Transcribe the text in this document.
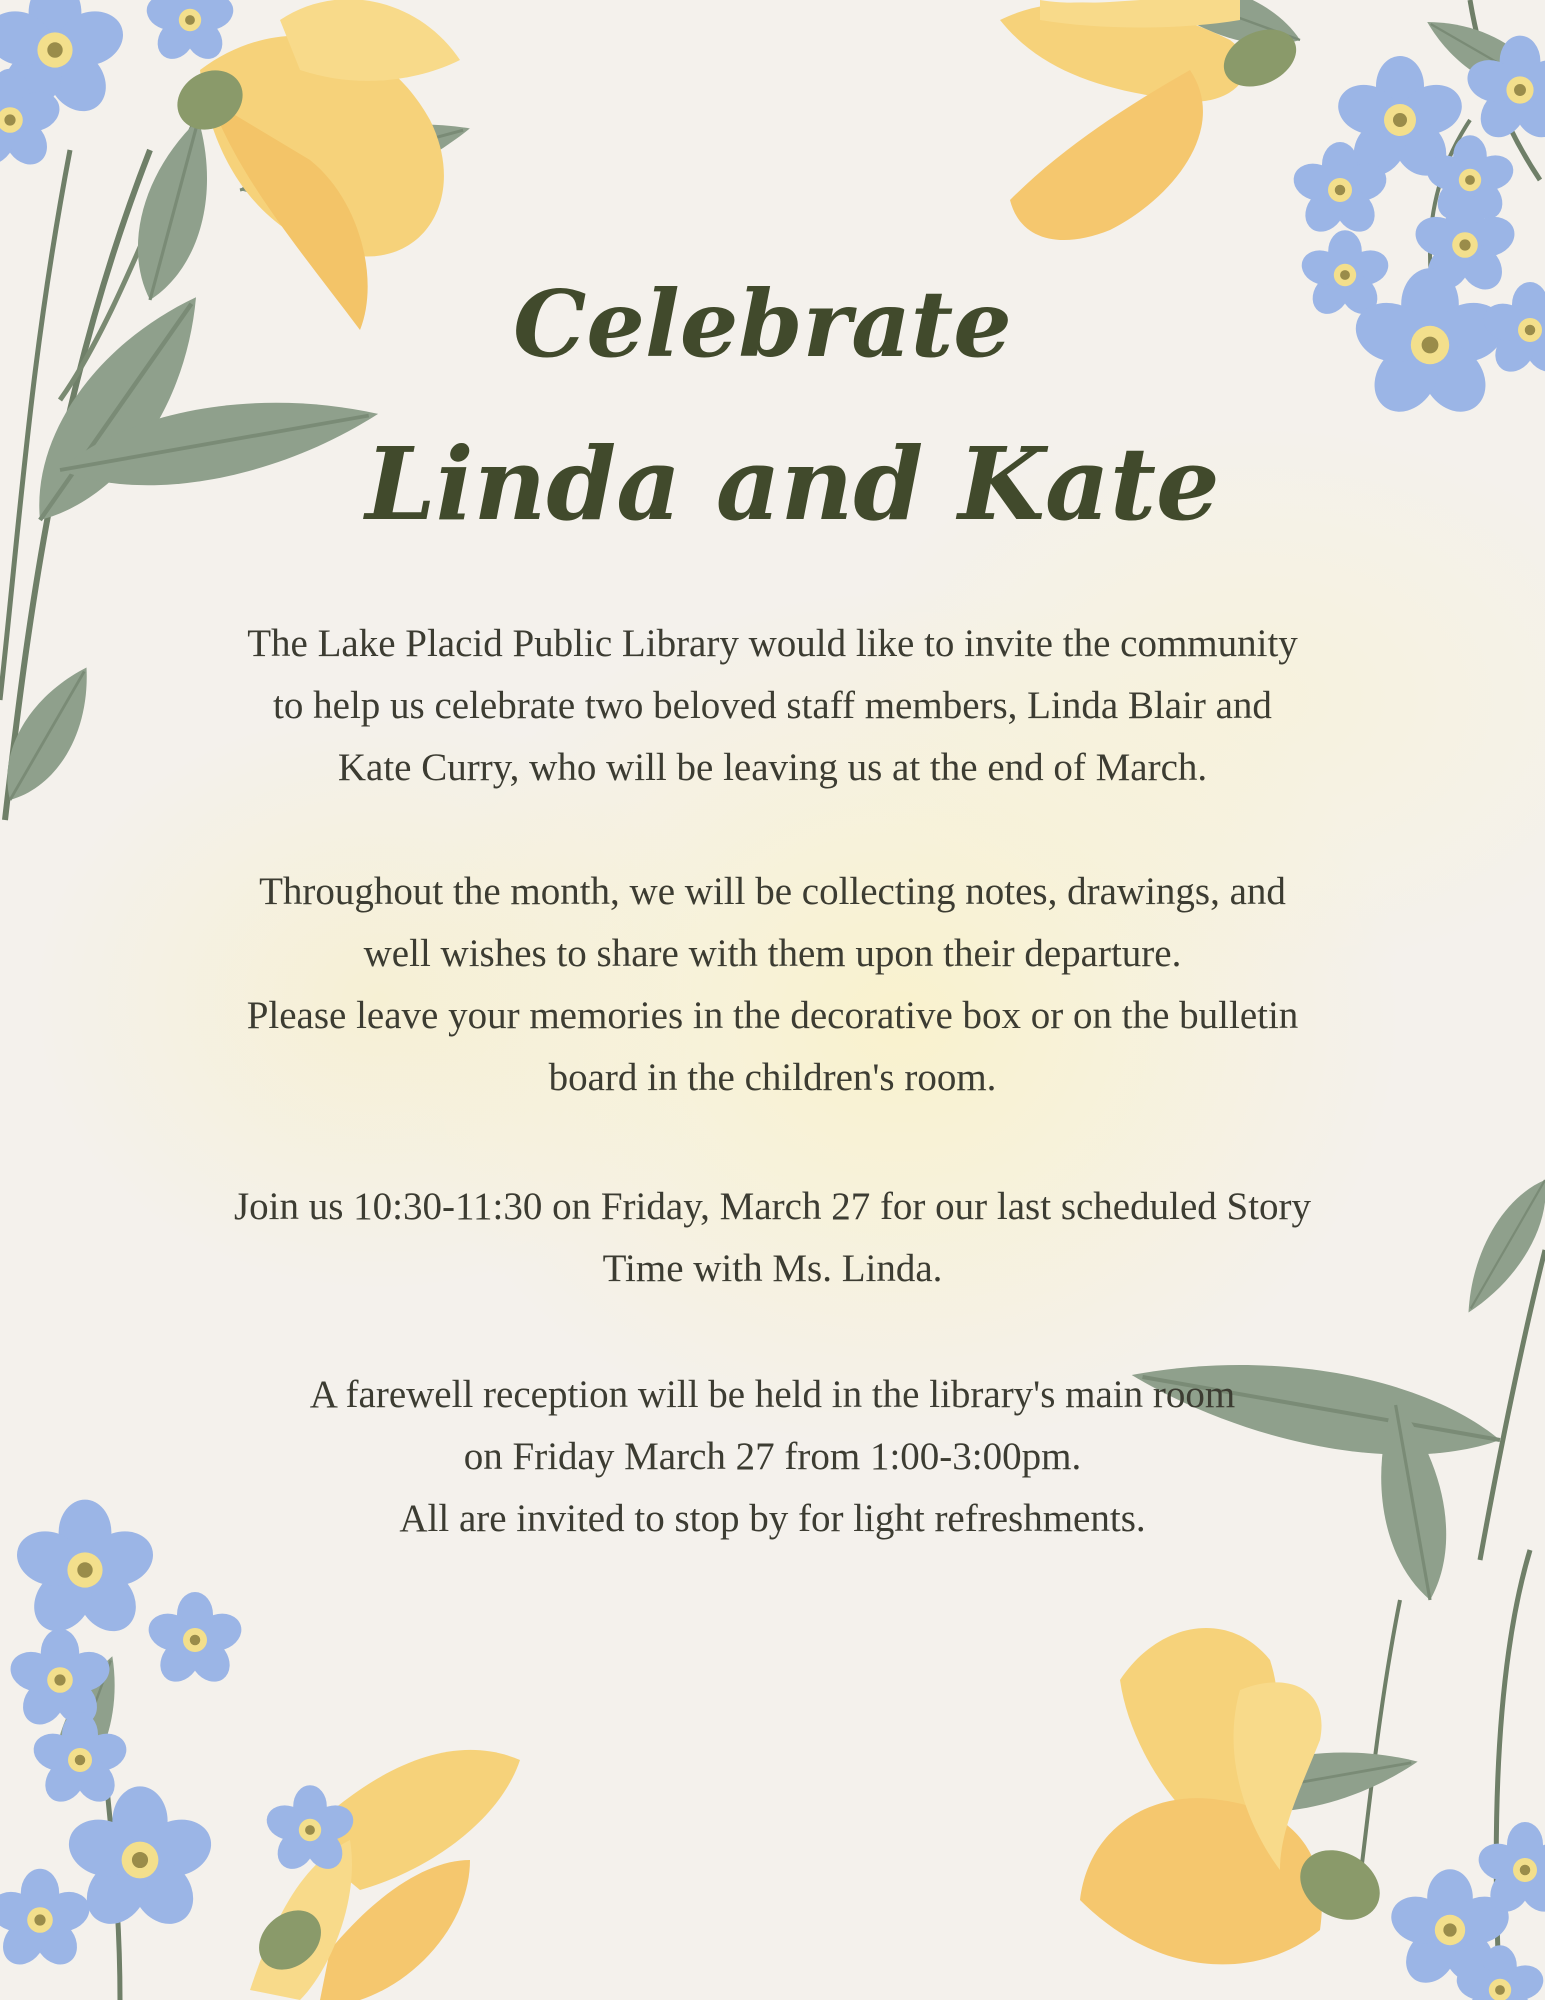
Celebrate
Linda and Kate
The Lake Placid Public Library would like to invite the community
to help us celebrate two beloved staff members, Linda Blair and
Kate Curry, who will be leaving us at the end of March.
Throughout the month, we will be collecting notes, drawings, and
well wishes to share with them upon their departure.
Please leave your memories in the decorative box or on the bulletin
board in the children's room.
Join us 10:30-11:30 on Friday, March 27 for our last scheduled Story
Time with Ms. Linda.
A farewell reception will be held in the library's main room
on Friday March 27 from 1:00-3:00pm.
All are invited to stop by for light refreshments.
